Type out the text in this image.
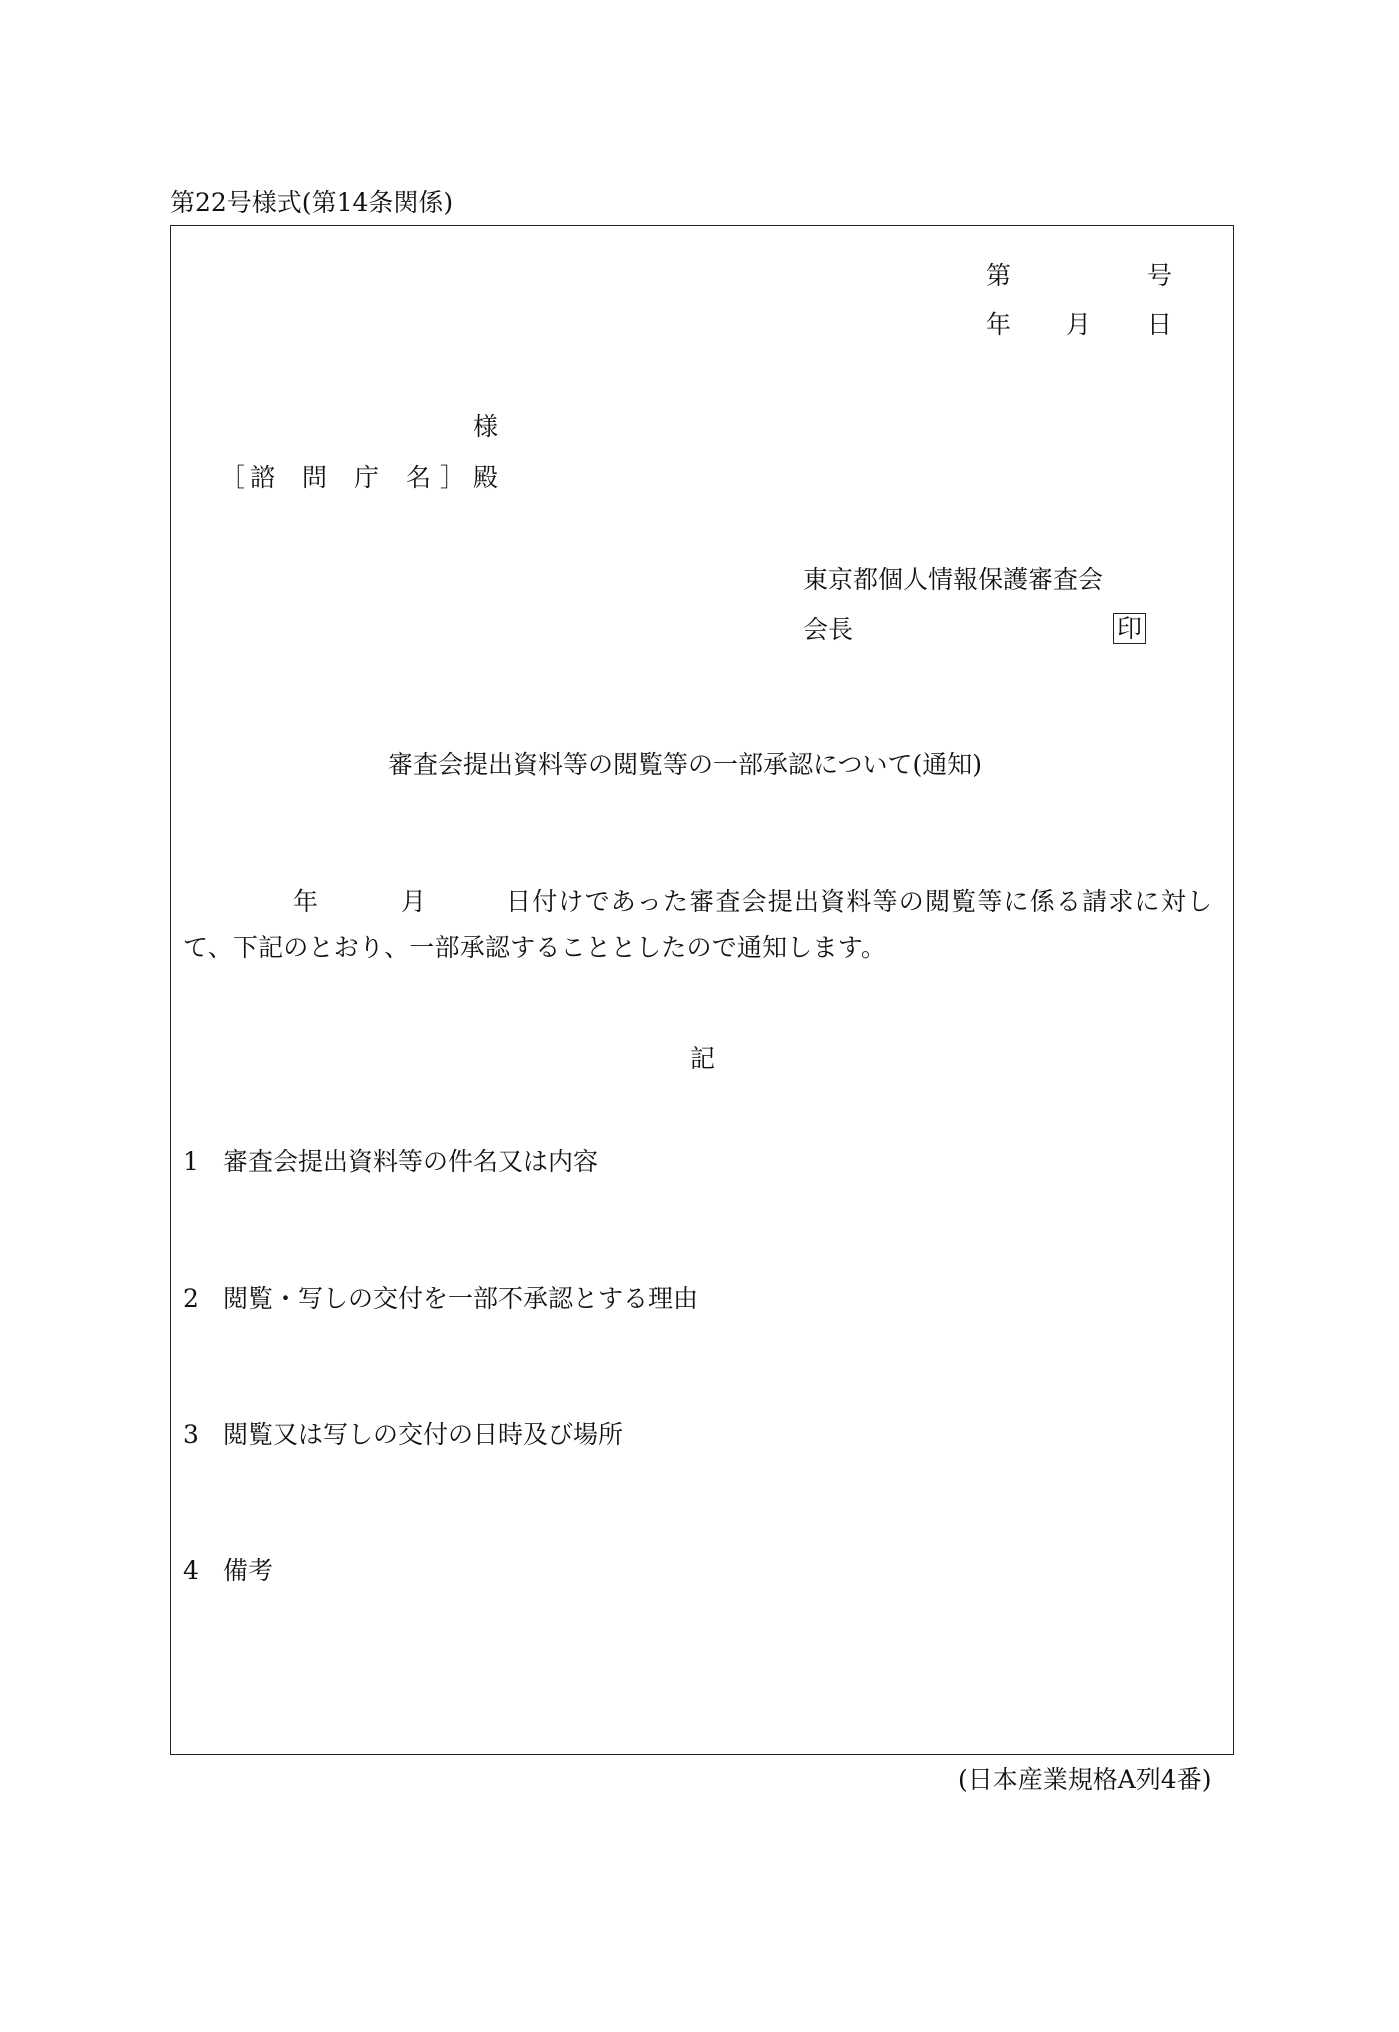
第22号様式(第14条関係)
第	号
年 月 日
様
［ 諮 問 庁 名 ］ 殿
東京都個人情報保護審査会
会長	印
審査会提出資料等の閲覧等の一部承認について(通知)
年	月	日付けであった審査会提出資料等の閲覧等に係る請求に対し
て、下記のとおり、一部承認することとしたので通知します。
記
1 審査会提出資料等の件名又は内容
2 閲覧・写しの交付を一部不承認とする理由
3 閲覧又は写しの交付の日時及び場所
4 備考
(日本産業規格A列4番)
